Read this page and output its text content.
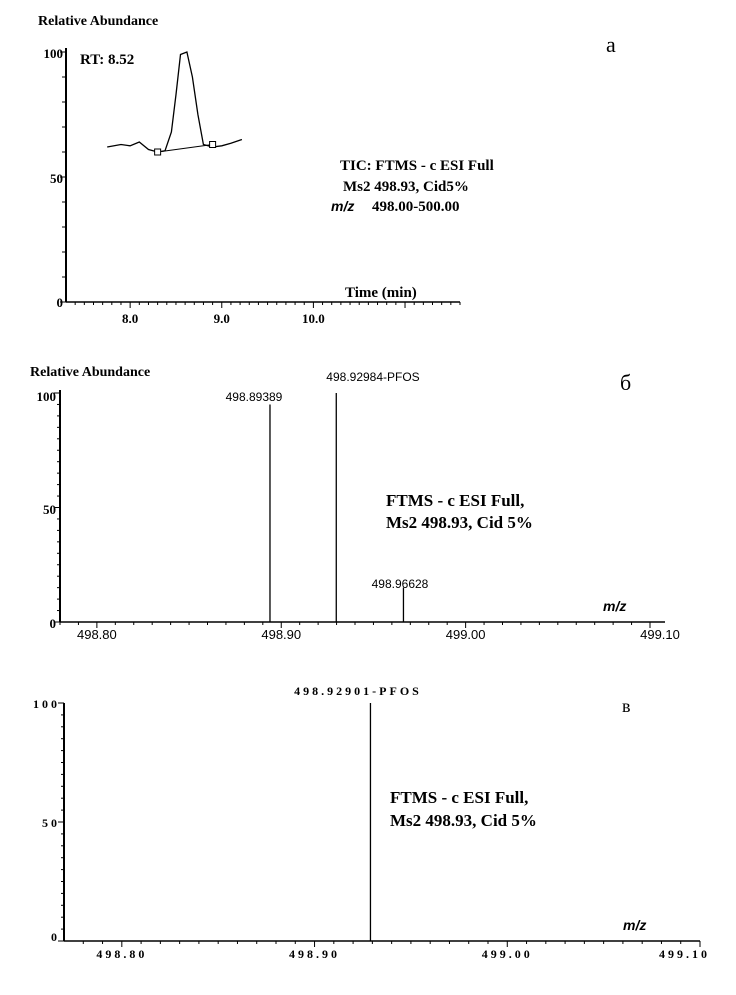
Relative Abundance
а
100
50
0
8.0	9.0	10.0
Time (min)
RT: 8.52
TIC: FTMS - c ESI Full
Ms2 498.93, Cid5%
m/z 498.00-500.00
Relative Abundance	б
100
50
0
498.80	498.90	499.00	499.10
m/z
498.89389
498.92984-PFOS
498.96628
FTMS - c ESI Full,
Ms2 498.93, Cid 5%
в
100
50
0
498.80	498.90	499.00	499.10
m/z
498.92901-PFOS
FTMS - c ESI Full,
Ms2 498.93, Cid 5%
